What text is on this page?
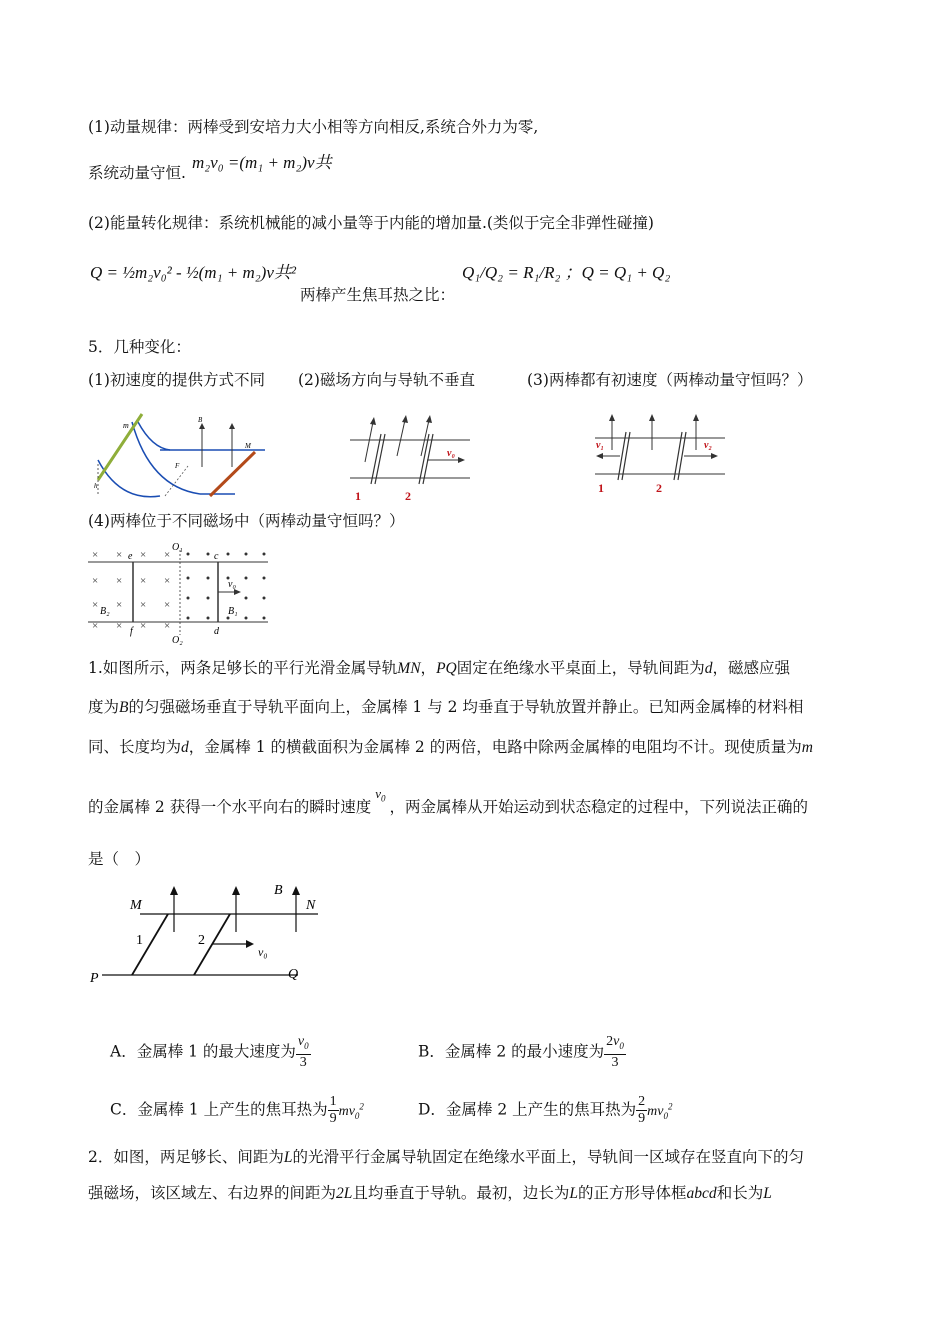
(1)动量规律：两棒受到安培力大小相等方向相反,系统合外力为零,
系统动量守恒.
m₂v₀ =(m₁ + m₂)v共
(2)能量转化规律：系统机械能的减小量等于内能的增加量.(类似于完全非弹性碰撞)
Q = ½m₂v₀² - ½(m₁ + m₂)v共²
两棒产生焦耳热之比：
Q₁/Q₂ = R₁/R₂ ；Q = Q₁ + Q₂
5．几种变化：
(1)初速度的提供方式不同 (2)磁场方向与导轨不垂直	(3)两棒都有初速度（两棒动量守恒吗？）
m
B
M
F
h
v₀
1	2
v₁	v₂
1	2
(4)两棒位于不同磁场中（两棒动量守恒吗？）
× × × ×
× × × ×
× × × ×
× × × ×
O₁
O₂
e	c
f	d
v₀
B₂	B₁
1.如图所示，两条足够长的平行光滑金属导轨MN，PQ固定在绝缘水平桌面上，导轨间距为d，磁感应强
度为B的匀强磁场垂直于导轨平面向上，金属棒 1 与 2 均垂直于导轨放置并静止。已知两金属棒的材料相
同、长度均为d，金属棒 1 的横截面积为金属棒 2 的两倍，电路中除两金属棒的电阻均不计。现使质量为m
的金属棒 2 获得一个水平向右的瞬时速度$^{v_0}$ ，两金属棒从开始运动到状态稳定的过程中，下列说法正确的
是（　）
M	N
P	Q
B
v₀
1	2
A．金属棒 1 的最大速度为 $\frac{v_0}{3}$	B．金属棒 2 的最小速度为 $\frac{2v_0}{3}$
C．金属棒 1 上产生的焦耳热为 $\frac{1}{9} mv_0^2$	D．金属棒 2 上产生的焦耳热为 $\frac{2}{9} mv_0^2$
2．如图，两足够长、间距为L的光滑平行金属导轨固定在绝缘水平面上，导轨间一区域存在竖直向下的匀
强磁场，该区域左、右边界的间距为2L且均垂直于导轨。最初，边长为L的正方形导体框abcd和长为L
